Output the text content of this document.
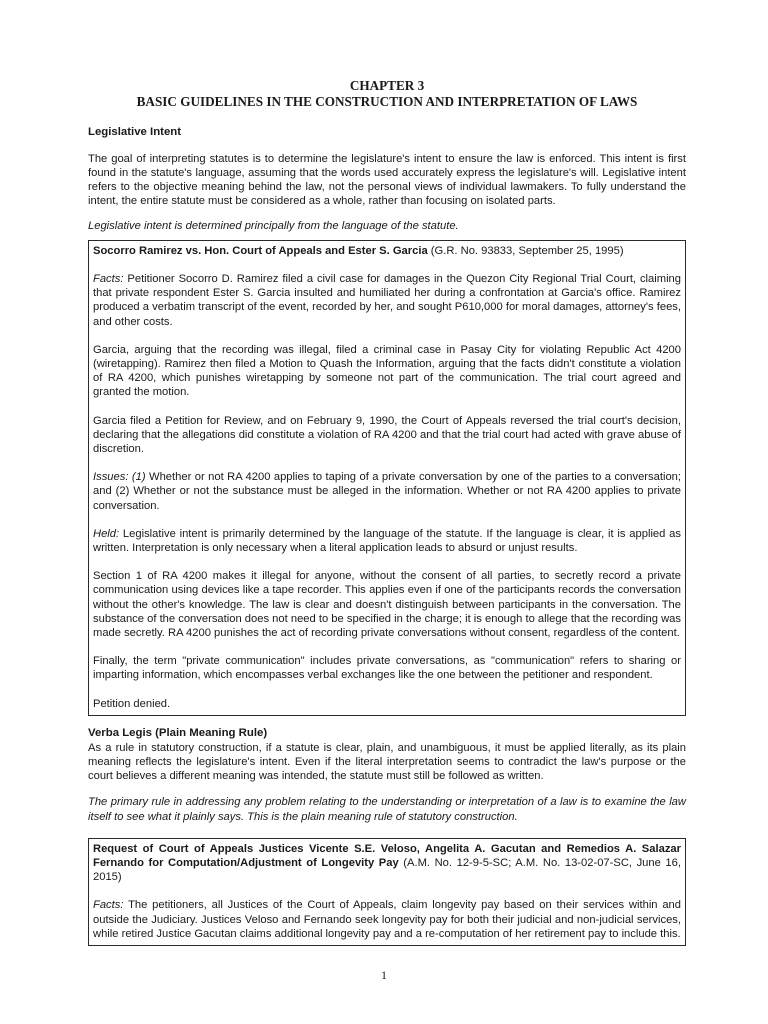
CHAPTER 3
BASIC GUIDELINES IN THE CONSTRUCTION AND INTERPRETATION OF LAWS
Legislative Intent

The goal of interpreting statutes is to determine the legislature's intent to ensure the law is enforced. This intent is first found in the statute's language, assuming that the words used accurately express the legislature's will. Legislative intent refers to the objective meaning behind the law, not the personal views of individual lawmakers. To fully understand the intent, the entire statute must be considered as a whole, rather than focusing on isolated parts.

Legislative intent is determined principally from the language of the statute.

Socorro Ramirez vs. Hon. Court of Appeals and Ester S. Garcia (G.R. No. 93833, September 25, 1995)

Facts: Petitioner Socorro D. Ramirez filed a civil case for damages in the Quezon City Regional Trial Court, claiming that private respondent Ester S. Garcia insulted and humiliated her during a confrontation at Garcia's office. Ramirez produced a verbatim transcript of the event, recorded by her, and sought P610,000 for moral damages, attorney's fees, and other costs.

Garcia, arguing that the recording was illegal, filed a criminal case in Pasay City for violating Republic Act 4200 (wiretapping). Ramirez then filed a Motion to Quash the Information, arguing that the facts didn't constitute a violation of RA 4200, which punishes wiretapping by someone not part of the communication. The trial court agreed and granted the motion.

Garcia filed a Petition for Review, and on February 9, 1990, the Court of Appeals reversed the trial court's decision, declaring that the allegations did constitute a violation of RA 4200 and that the trial court had acted with grave abuse of discretion.

Issues: (1) Whether or not RA 4200 applies to taping of a private conversation by one of the parties to a conversation; and (2) Whether or not the substance must be alleged in the information. Whether or not RA 4200 applies to private conversation.

Held: Legislative intent is primarily determined by the language of the statute. If the language is clear, it is applied as written. Interpretation is only necessary when a literal application leads to absurd or unjust results.

Section 1 of RA 4200 makes it illegal for anyone, without the consent of all parties, to secretly record a private communication using devices like a tape recorder. This applies even if one of the participants records the conversation without the other's knowledge. The law is clear and doesn't distinguish between participants in the conversation. The substance of the conversation does not need to be specified in the charge; it is enough to allege that the recording was made secretly. RA 4200 punishes the act of recording private conversations without consent, regardless of the content.

Finally, the term "private communication" includes private conversations, as "communication" refers to sharing or imparting information, which encompasses verbal exchanges like the one between the petitioner and respondent.

Petition denied.

Verba Legis (Plain Meaning Rule)

As a rule in statutory construction, if a statute is clear, plain, and unambiguous, it must be applied literally, as its plain meaning reflects the legislature's intent. Even if the literal interpretation seems to contradict the law's purpose or the court believes a different meaning was intended, the statute must still be followed as written.

The primary rule in addressing any problem relating to the understanding or interpretation of a law is to examine the law itself to see what it plainly says. This is the plain meaning rule of statutory construction.

Request of Court of Appeals Justices Vicente S.E. Veloso, Angelita A. Gacutan and Remedios A. Salazar Fernando for Computation/Adjustment of Longevity Pay (A.M. No. 12-9-5-SC; A.M. No. 13-02-07-SC, June 16, 2015)

Facts: The petitioners, all Justices of the Court of Appeals, claim longevity pay based on their services within and outside the Judiciary. Justices Veloso and Fernando seek longevity pay for both their judicial and non-judicial services, while retired Justice Gacutan claims additional longevity pay and a re-computation of her retirement pay to include this.

1
